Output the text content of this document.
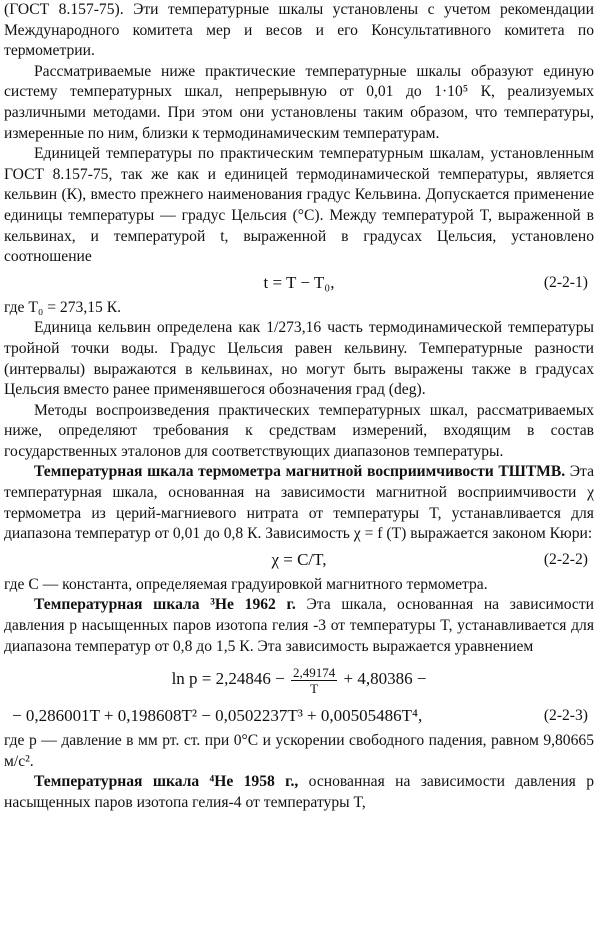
(ГОСТ 8.157-75). Эти температурные шкалы установлены с учетом рекомендации Международного комитета мер и весов и его Консультативного комитета по термометрии.

Рассматриваемые ниже практические температурные шкалы образуют единую систему температурных шкал, непрерывную от 0,01 до 1·10⁵ К, реализуемых различными методами. При этом они установлены таким образом, что температуры, измеренные по ним, близки к термодинамическим температурам.

Единицей температуры по практическим температурным шкалам, установленным ГОСТ 8.157-75, так же как и единицей термодинамической температуры, является кельвин (К), вместо прежнего наименования градус Кельвина. Допускается применение единицы температуры — градус Цельсия (°С). Между температурой T, выраженной в кельвинах, и температурой t, выраженной в градусах Цельсия, установлено соотношение

t = T − T₀,	(2-2-1)

где T₀ = 273,15 К.

Единица кельвин определена как 1/273,16 часть термодинамической температуры тройной точки воды. Градус Цельсия равен кельвину. Температурные разности (интервалы) выражаются в кельвинах, но могут быть выражены также в градусах Цельсия вместо ранее применявшегося обозначения град (deg).

Методы воспроизведения практических температурных шкал, рассматриваемых ниже, определяют требования к средствам измерений, входящим в состав государственных эталонов для соответствующих диапазонов температуры.

Температурная шкала термометра магнитной восприимчивости ТШТМВ. Эта температурная шкала, основанная на зависимости магнитной восприимчивости χ термометра из церий-магниевого нитрата от температуры T, устанавливается для диапазона температур от 0,01 до 0,8 К. Зависимость χ = f (T) выражается законом Кюри:

χ = C/T,	(2-2-2)

где C — константа, определяемая градуировкой магнитного термометра.

Температурная шкала ³Не 1962 г. Эта шкала, основанная на зависимости давления p насыщенных паров изотопа гелия -3 от температуры T, устанавливается для диапазона температур от 0,8 до 1,5 К. Эта зависимость выражается уравнением

$\ln p = 2,24846 - \frac{2,49174}{T} + 4,80386$ −
− 0,286001T + 0,198608T² − 0,0502237T³ + 0,00505486T⁴,	(2-2-3)

где p — давление в мм рт. ст. при 0°С и ускорении свободного падения, равном 9,80665 м/с².

Температурная шкала ⁴Не 1958 г., основанная на зависимости давления p насыщенных паров изотопа гелия-4 от температуры T,
